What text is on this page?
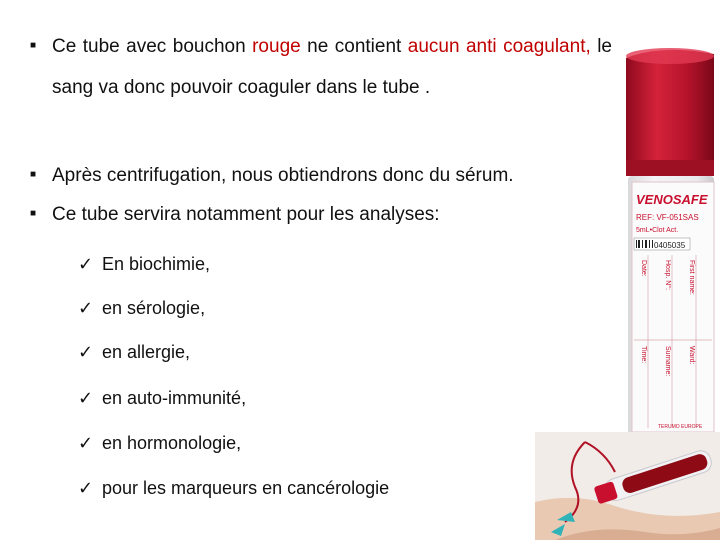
■ Ce tube avec bouchon rouge ne contient aucun anti coagulant, le sang va donc pouvoir coaguler dans le tube .
■ Après centrifugation, nous obtiendrons donc du sérum.
■ Ce tube servira notamment pour les analyses:
✓ En biochimie,
✓ en sérologie,
✓ en allergie,
✓ en auto-immunité,
✓ en hormonologie,
✓ pour les marqueurs en cancérologie
VENOSAFE
REF: VF-051SAS
5mL•Clot Act.
0405035
Date: Hosp. N°:
Time: Surname:
First name:
Ward:
TERUMO EUROPE
